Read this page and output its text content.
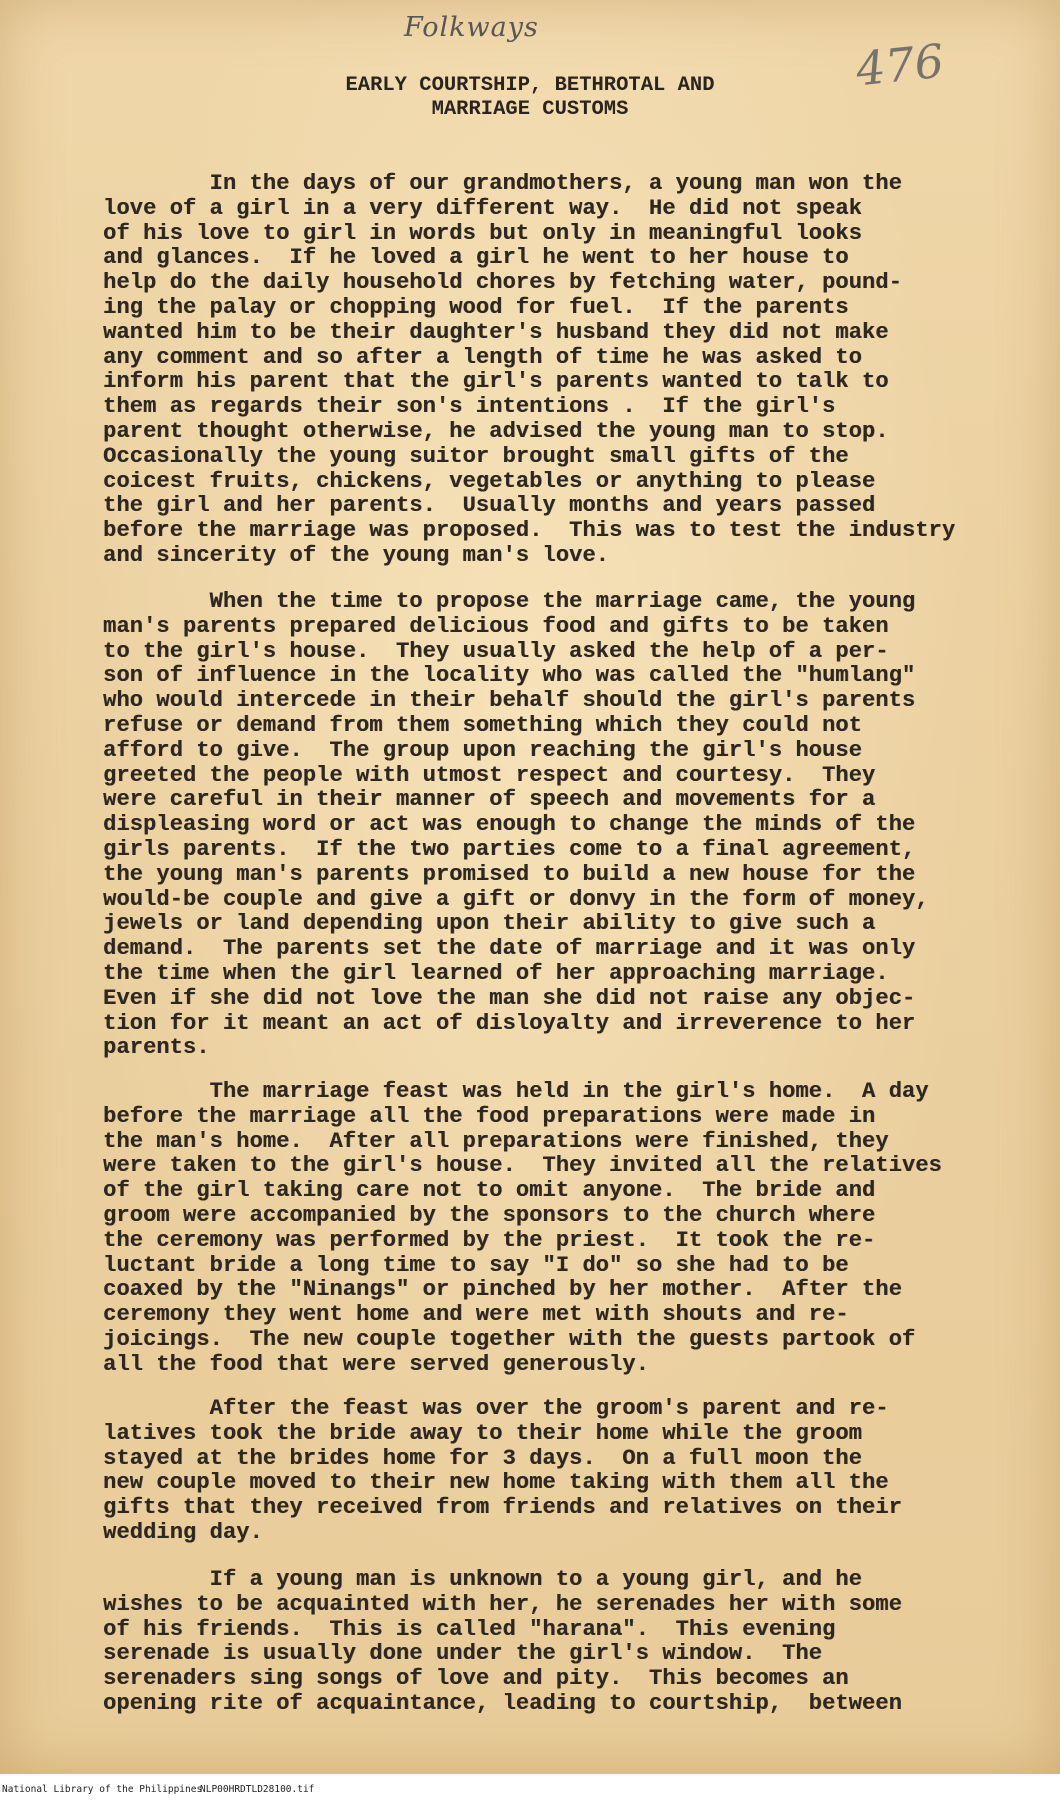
Folkways
476
EARLY COURTSHIP, BETHROTAL AND
MARRIAGE CUSTOMS

In the days of our grandmothers, a young man won the
love of a girl in a very different way.  He did not speak
of his love to girl in words but only in meaningful looks
and glances.  If he loved a girl he went to her house to
help do the daily household chores by fetching water, pound-
ing the palay or chopping wood for fuel.  If the parents
wanted him to be their daughter's husband they did not make
any comment and so after a length of time he was asked to
inform his parent that the girl's parents wanted to talk to
them as regards their son's intentions .  If the girl's
parent thought otherwise, he advised the young man to stop.
Occasionally the young suitor brought small gifts of the
coicest fruits, chickens, vegetables or anything to please
the girl and her parents.  Usually months and years passed
before the marriage was proposed.  This was to test the industry
and sincerity of the young man's love.

When the time to propose the marriage came, the young
man's parents prepared delicious food and gifts to be taken
to the girl's house.  They usually asked the help of a per-
son of influence in the locality who was called the "humlang"
who would intercede in their behalf should the girl's parents
refuse or demand from them something which they could not
afford to give.  The group upon reaching the girl's house
greeted the people with utmost respect and courtesy.  They
were careful in their manner of speech and movements for a
displeasing word or act was enough to change the minds of the
girls parents.  If the two parties come to a final agreement,
the young man's parents promised to build a new house for the
would-be couple and give a gift or donvy in the form of money,
jewels or land depending upon their ability to give such a
demand.  The parents set the date of marriage and it was only
the time when the girl learned of her approaching marriage.
Even if she did not love the man she did not raise any objec-
tion for it meant an act of disloyalty and irreverence to her
parents.

The marriage feast was held in the girl's home.  A day
before the marriage all the food preparations were made in
the man's home.  After all preparations were finished, they
were taken to the girl's house.  They invited all the relatives
of the girl taking care not to omit anyone.  The bride and
groom were accompanied by the sponsors to the church where
the ceremony was performed by the priest.  It took the re-
luctant bride a long time to say "I do" so she had to be
coaxed by the "Ninangs" or pinched by her mother.  After the
ceremony they went home and were met with shouts and re-
joicings.  The new couple together with the guests partook of
all the food that were served generously.

After the feast was over the groom's parent and re-
latives took the bride away to their home while the groom
stayed at the brides home for 3 days.  On a full moon the
new couple moved to their new home taking with them all the
gifts that they received from friends and relatives on their
wedding day.

If a young man is unknown to a young girl, and he
wishes to be acquainted with her, he serenades her with some
of his friends.  This is called "harana".  This evening
serenade is usually done under the girl's window.  The
serenaders sing songs of love and pity.  This becomes an
opening rite of acquaintance, leading to courtship,  between

National Library of the Philippines
NLP00HRDTLD28100.tif
